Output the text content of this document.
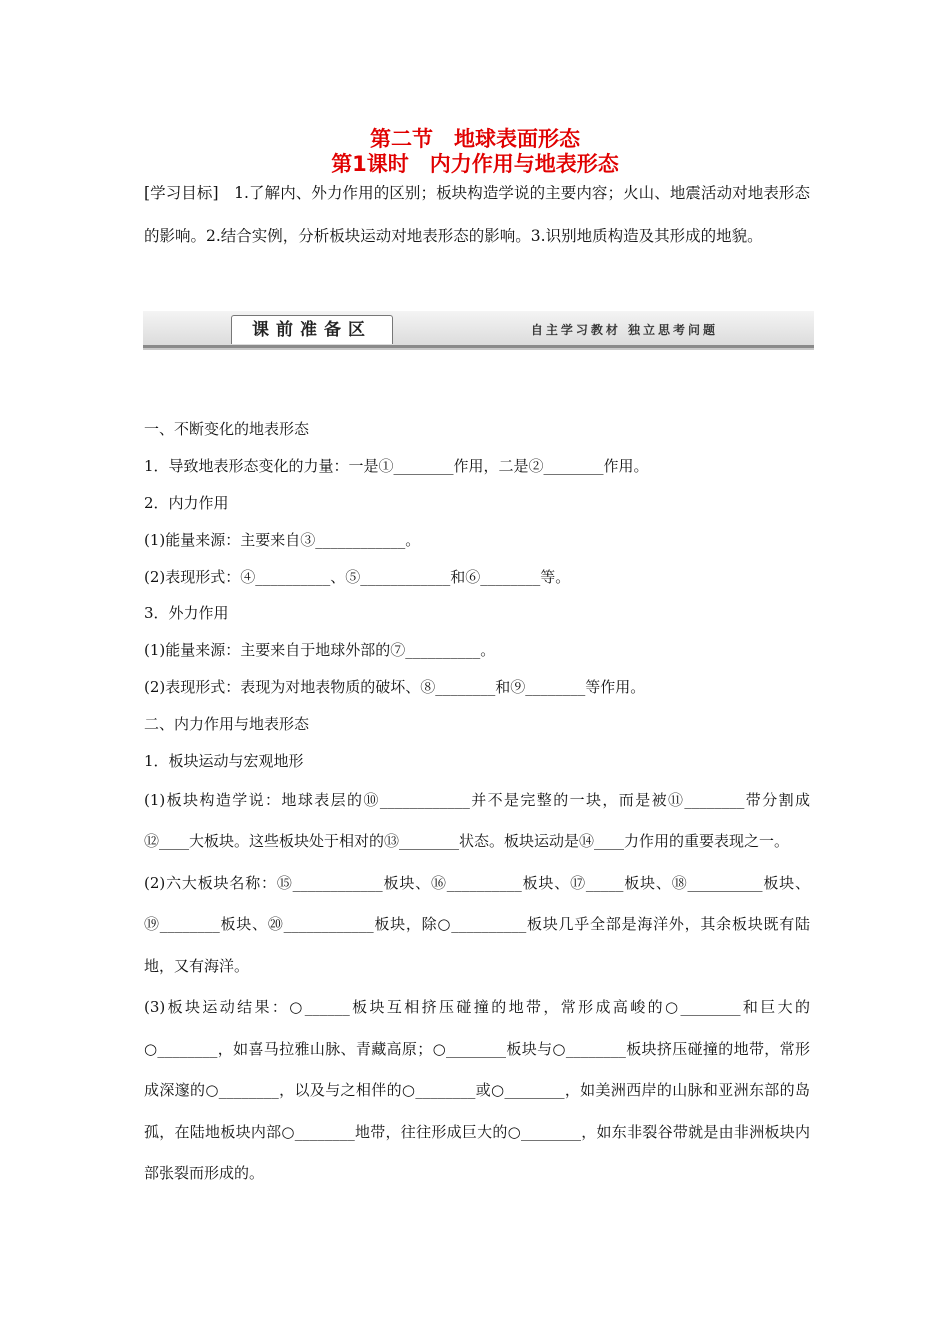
第二节　地球表面形态
第1课时　内力作用与地表形态
[学习目标]　1.了解内、外力作用的区别；板块构造学说的主要内容；火山、地震活动对地表形态的影响。2.结合实例，分析板块运动对地表形态的影响。3.识别地质构造及其形成的地貌。
课前准备区	自主学习教材 独立思考问题
一、不断变化的地表形态
1．导致地表形态变化的力量：一是①________作用，二是②________作用。
2．内力作用
(1)能量来源：主要来自③____________。
(2)表现形式：④__________、⑤____________和⑥________等。
3．外力作用
(1)能量来源：主要来自于地球外部的⑦__________。
(2)表现形式：表现为对地表物质的破坏、⑧________和⑨________等作用。
二、内力作用与地表形态
1．板块运动与宏观地形
(1)板块构造学说：地球表层的⑩____________并不是完整的一块，而是被⑪________带分割成⑫____大板块。这些板块处于相对的⑬________状态。板块运动是⑭____力作用的重要表现之一。
(2)六大板块名称：⑮____________板块、⑯__________板块、⑰_____板块、⑱__________板块、⑲________板块、⑳____________板块，除○__________板块几乎全部是海洋外，其余板块既有陆地，又有海洋。
(3)板块运动结果：○______板块互相挤压碰撞的地带，常形成高峻的○________和巨大的○________，如喜马拉雅山脉、青藏高原；○________板块与○________板块挤压碰撞的地带，常形成深邃的○________，以及与之相伴的○________或○________，如美洲西岸的山脉和亚洲东部的岛孤，在陆地板块内部○________地带，往往形成巨大的○________，如东非裂谷带就是由非洲板块内部张裂而形成的。
